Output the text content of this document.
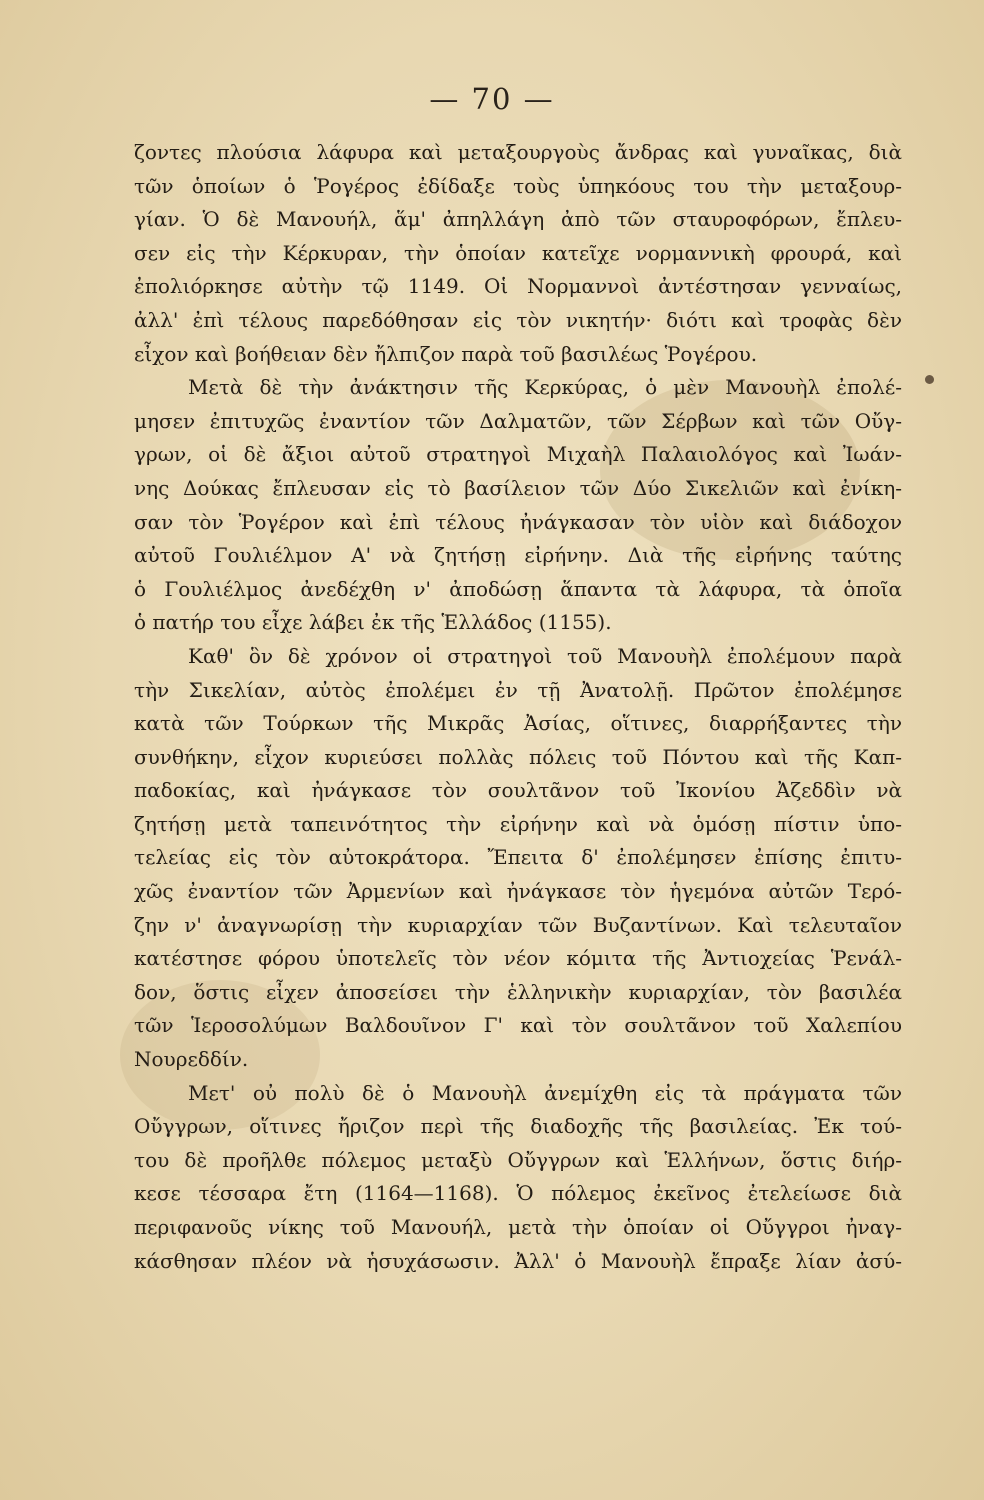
— 70 —
ζοντες πλούσια λάφυρα καὶ μεταξουργοὺς ἄνδρας καὶ γυναῖκας, διὰ
τῶν ὁποίων ὁ Ῥογέρος ἐδίδαξε τοὺς ὑπηκόους του τὴν μεταξουρ-
γίαν. Ὁ δὲ Μανουήλ, ἅμ' ἀπηλλάγη ἀπὸ τῶν σταυροφόρων, ἔπλευ-
σεν εἰς τὴν Κέρκυραν, τὴν ὁποίαν κατεῖχε νορμαννικὴ φρουρά, καὶ
ἐπολιόρκησε αὐτὴν τῷ 1149. Οἱ Νορμαννοὶ ἀντέστησαν γενναίως,
ἀλλ' ἐπὶ τέλους παρεδόθησαν εἰς τὸν νικητήν· διότι καὶ τροφὰς δὲν
εἶχον καὶ βοήθειαν δὲν ἤλπιζον παρὰ τοῦ βασιλέως Ῥογέρου.
Μετὰ δὲ τὴν ἀνάκτησιν τῆς Κερκύρας, ὁ μὲν Μανουὴλ ἐπολέ-
μησεν ἐπιτυχῶς ἐναντίον τῶν Δαλματῶν, τῶν Σέρβων καὶ τῶν Οὔγ-
γρων, οἱ δὲ ἄξιοι αὐτοῦ στρατηγοὶ Μιχαὴλ Παλαιολόγος καὶ Ἰωάν-
νης Δούκας ἔπλευσαν εἰς τὸ βασίλειον τῶν Δύο Σικελιῶν καὶ ἐνίκη-
σαν τὸν Ῥογέρον καὶ ἐπὶ τέλους ἠνάγκασαν τὸν υἱὸν καὶ διάδοχον
αὐτοῦ Γουλιέλμον Α' νὰ ζητήσῃ εἰρήνην. Διὰ τῆς εἰρήνης ταύτης
ὁ Γουλιέλμος ἀνεδέχθη ν' ἀποδώσῃ ἅπαντα τὰ λάφυρα, τὰ ὁποῖα
ὁ πατήρ του εἶχε λάβει ἐκ τῆς Ἑλλάδος (1155).
Καθ' ὃν δὲ χρόνον οἱ στρατηγοὶ τοῦ Μανουὴλ ἐπολέμουν παρὰ
τὴν Σικελίαν, αὐτὸς ἐπολέμει ἐν τῇ Ἀνατολῇ. Πρῶτον ἐπολέμησε
κατὰ τῶν Τούρκων τῆς Μικρᾶς Ἀσίας, οἵτινες, διαρρήξαντες τὴν
συνθήκην, εἶχον κυριεύσει πολλὰς πόλεις τοῦ Πόντου καὶ τῆς Καπ-
παδοκίας, καὶ ἠνάγκασε τὸν σουλτᾶνον τοῦ Ἰκονίου Ἀζεδδὶν νὰ
ζητήσῃ μετὰ ταπεινότητος τὴν εἰρήνην καὶ νὰ ὁμόσῃ πίστιν ὑπο-
τελείας εἰς τὸν αὐτοκράτορα. Ἔπειτα δ' ἐπολέμησεν ἐπίσης ἐπιτυ-
χῶς ἐναντίον τῶν Ἀρμενίων καὶ ἠνάγκασε τὸν ἡγεμόνα αὐτῶν Τερό-
ζην ν' ἀναγνωρίσῃ τὴν κυριαρχίαν τῶν Βυζαντίνων. Καὶ τελευταῖον
κατέστησε φόρου ὑποτελεῖς τὸν νέον κόμιτα τῆς Ἀντιοχείας Ῥενάλ-
δον, ὅστις εἶχεν ἀποσείσει τὴν ἑλληνικὴν κυριαρχίαν, τὸν βασιλέα
τῶν Ἱεροσολύμων Βαλδουῖνον Γ' καὶ τὸν σουλτᾶνον τοῦ Χαλεπίου
Νουρεδδίν.
Μετ' οὐ πολὺ δὲ ὁ Μανουὴλ ἀνεμίχθη εἰς τὰ πράγματα τῶν
Οὔγγρων, οἵτινες ἤριζον περὶ τῆς διαδοχῆς τῆς βασιλείας. Ἐκ τού-
του δὲ προῆλθε πόλεμος μεταξὺ Οὔγγρων καὶ Ἑλλήνων, ὅστις διήρ-
κεσε τέσσαρα ἔτη (1164—1168). Ὁ πόλεμος ἐκεῖνος ἐτελείωσε διὰ
περιφανοῦς νίκης τοῦ Μανουήλ, μετὰ τὴν ὁποίαν οἱ Οὔγγροι ἠναγ-
κάσθησαν πλέον νὰ ἡσυχάσωσιν. Ἀλλ' ὁ Μανουὴλ ἔπραξε λίαν ἀσύ-
